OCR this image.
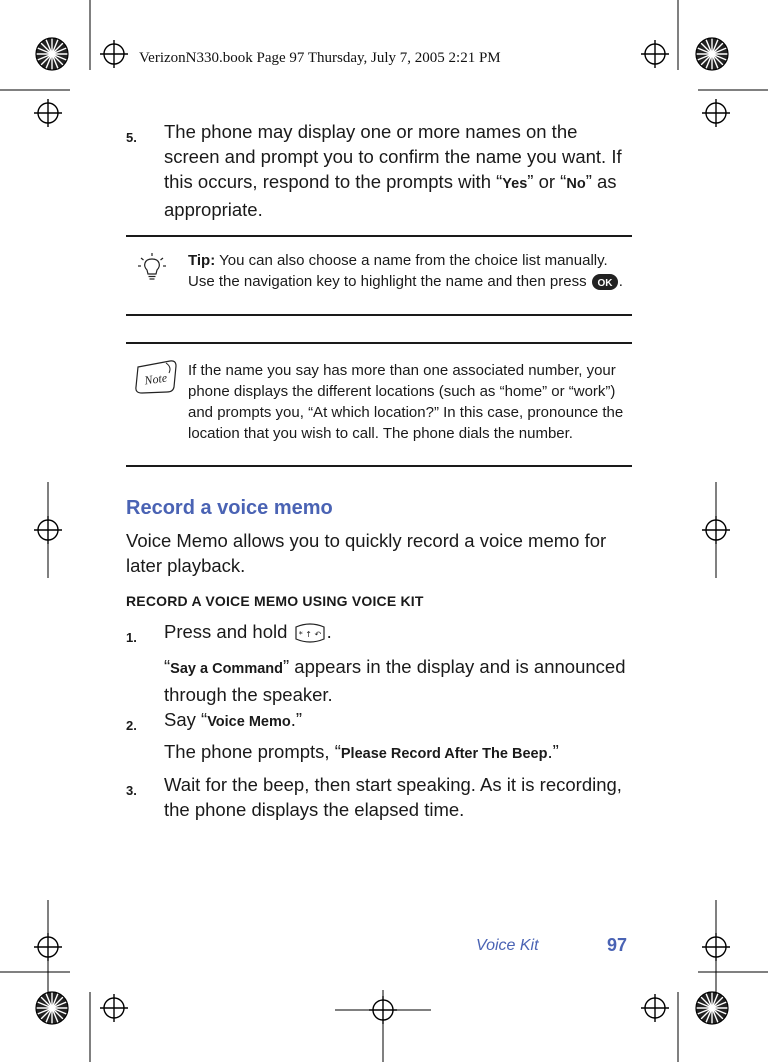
VerizonN330.book Page 97 Thursday, July 7, 2005 2:21 PM
5. The phone may display one or more names on the screen and prompt you to confirm the name you want. If this occurs, respond to the prompts with “Yes” or “No” as appropriate.
Tip: You can also choose a name from the choice list manually. Use the navigation key to highlight the name and then press OK .
Note
If the name you say has more than one associated number, your phone displays the different locations (such as “home” or “work”) and prompts you, “At which location?” In this case, pronounce the location that you wish to call. The phone dials the number.
Record a voice memo
Voice Memo allows you to quickly record a voice memo for later playback.
RECORD A VOICE MEMO USING VOICE KIT
1. Press and hold * ↑ ↶ .
“Say a Command” appears in the display and is announced through the speaker.
2. Say “Voice Memo.”
The phone prompts, “Please Record After The Beep.”
3. Wait for the beep, then start speaking. As it is recording, the phone displays the elapsed time.
Voice Kit	97
